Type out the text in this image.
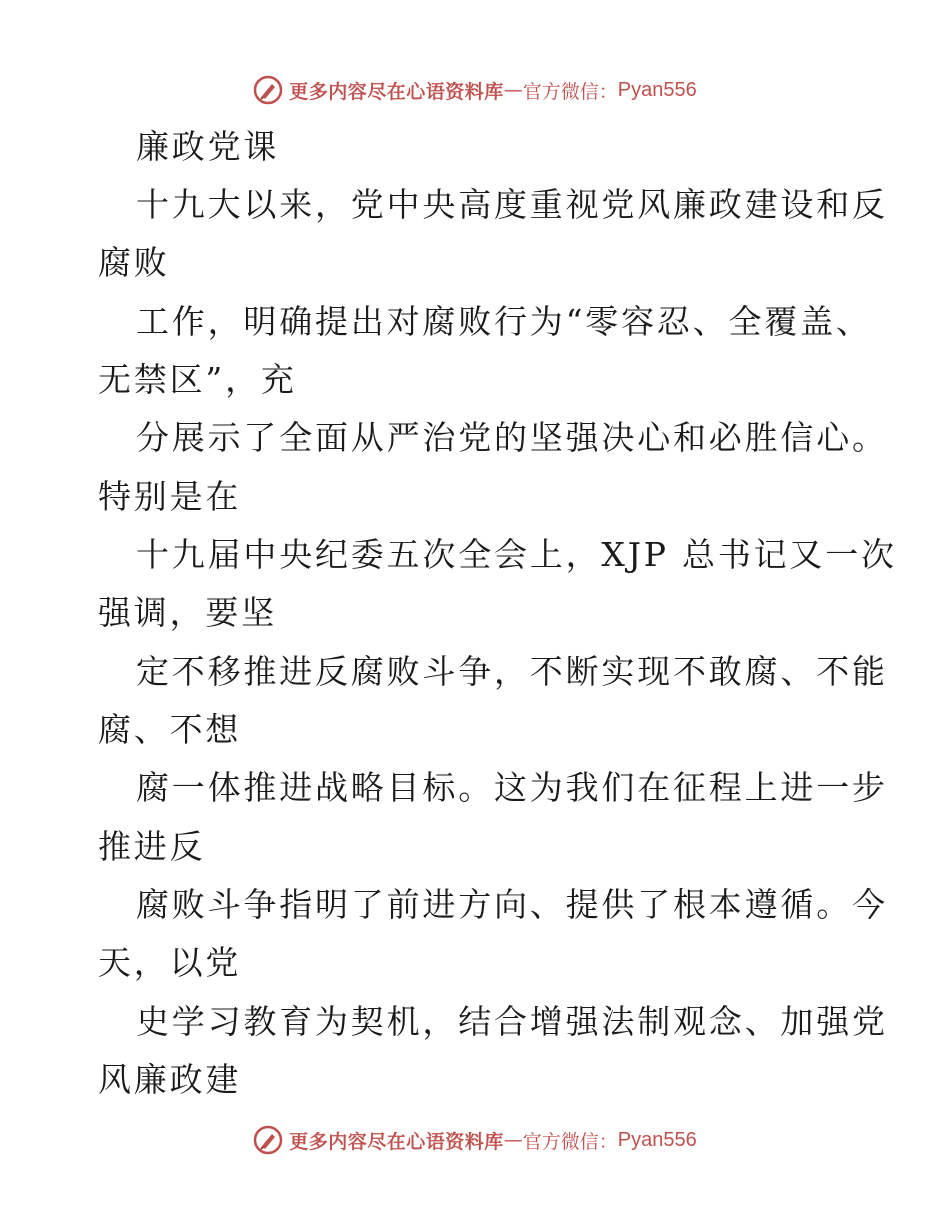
更多内容尽在心语资料库 — 官方微信： Pyan556
廉政党课
十九大以来，党中央高度重视党风廉政建设和反
腐败
工作，明确提出对腐败行为“零容忍、全覆盖、
无禁区”，充
分展示了全面从严治党的坚强决心和必胜信心。
特别是在
十九届中央纪委五次全会上，XJP 总书记又一次
强调，要坚
定不移推进反腐败斗争，不断实现不敢腐、不能
腐、不想
腐一体推进战略目标。这为我们在征程上进一步
推进反
腐败斗争指明了前进方向、提供了根本遵循。今
天，以党
史学习教育为契机，结合增强法制观念、加强党
风廉政建
更多内容尽在心语资料库 — 官方微信： Pyan556
